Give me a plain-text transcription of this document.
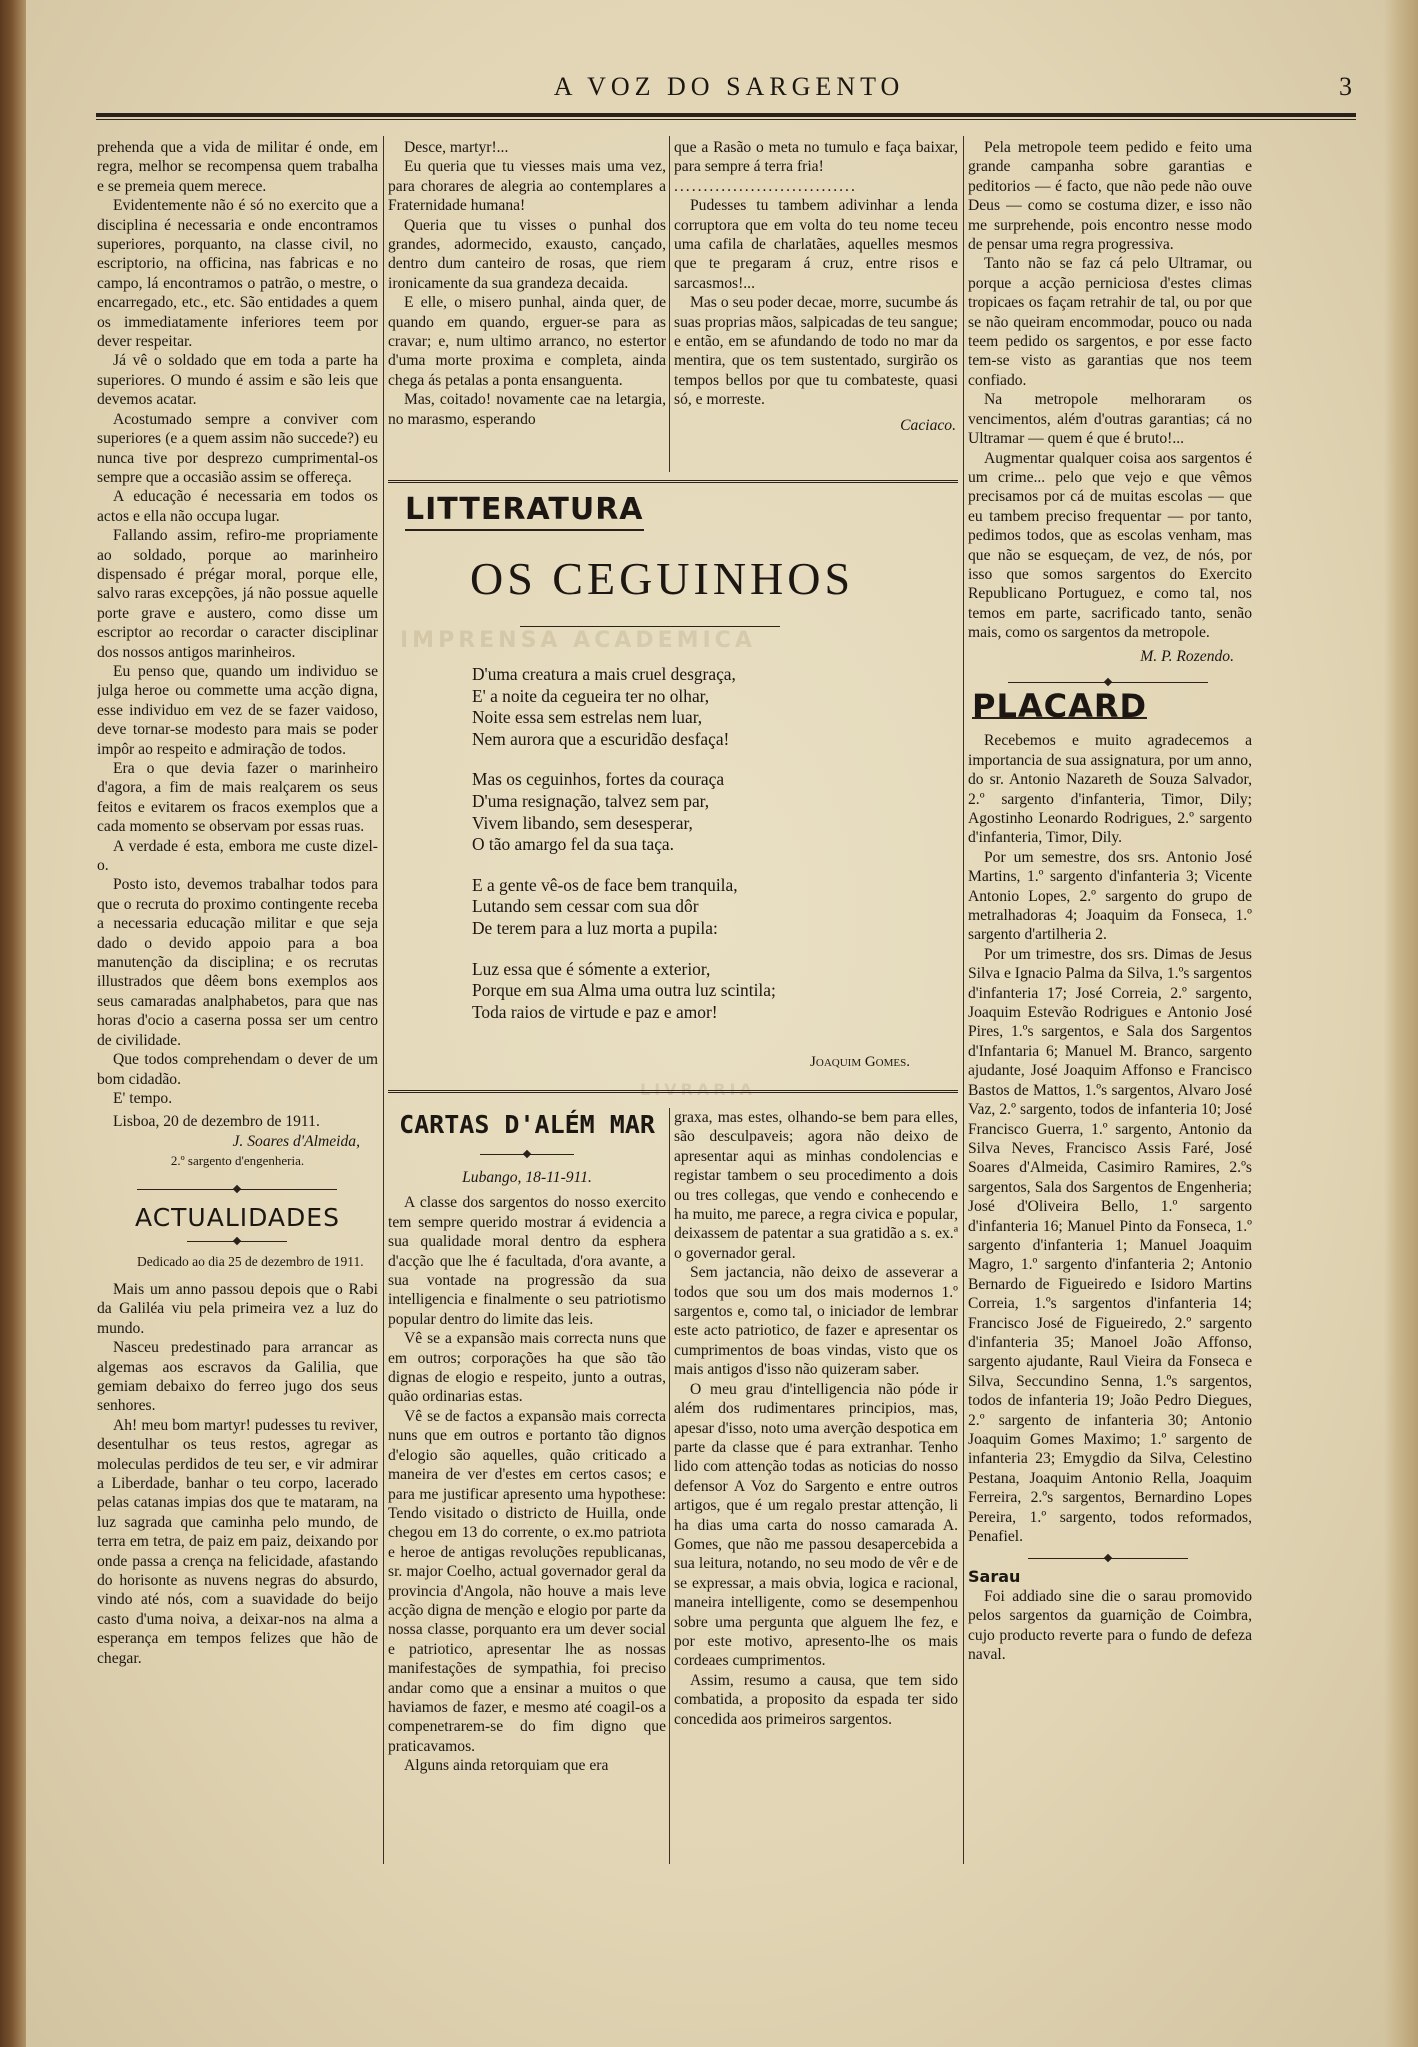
IMPRENSA ACADEMICA
LIVRARIA
A VOZ DO SARGENTO	3

prehenda que a vida de militar é onde, em regra, melhor se recompensa quem trabalha e se premeia quem merece.

Evidentemente não é só no exercito que a disciplina é necessaria e onde encontramos superiores, porquanto, na classe civil, no escriptorio, na officina, nas fabricas e no campo, lá encontramos o patrão, o mestre, o encarregado, etc., etc. São entidades a quem os immediatamente inferiores teem por dever respeitar.

Já vê o soldado que em toda a parte ha superiores. O mundo é assim e são leis que devemos acatar.

Acostumado sempre a conviver com superiores (e a quem assim não succede?) eu nunca tive por desprezo cumprimental-os sempre que a occasião assim se offereça.

A educação é necessaria em todos os actos e ella não occupa lugar.

Fallando assim, refiro-me propriamente ao soldado, porque ao marinheiro dispensado é prégar moral, porque elle, salvo raras excepções, já não possue aquelle porte grave e austero, como disse um escriptor ao recordar o caracter disciplinar dos nossos antigos marinheiros.

Eu penso que, quando um individuo se julga heroe ou commette uma acção digna, esse individuo em vez de se fazer vaidoso, deve tornar-se modesto para mais se poder impôr ao respeito e admiração de todos.

Era o que devia fazer o marinheiro d'agora, a fim de mais realçarem os seus feitos e evitarem os fracos exemplos que a cada momento se observam por essas ruas.

A verdade é esta, embora me custe dizel-o.

Posto isto, devemos trabalhar todos para que o recruta do proximo contingente receba a necessaria educação militar e que seja dado o devido appoio para a boa manutenção da disciplina; e os recrutas illustrados que dêem bons exemplos aos seus camaradas analphabetos, para que nas horas d'ocio a caserna possa ser um centro de civilidade.

Que todos comprehendam o dever de um bom cidadão.

E' tempo.

Lisboa, 20 de dezembro de 1911.

J. Soares d'Almeida,

2.º sargento d'engenheria.

ACTUALIDADES

Dedicado ao dia 25 de dezembro de 1911.

Mais um anno passou depois que o Rabi da Galiléa viu pela primeira vez a luz do mundo.

Nasceu predestinado para arrancar as algemas aos escravos da Galilia, que gemiam debaixo do ferreo jugo dos seus senhores.

Ah! meu bom martyr! pudesses tu reviver, desentulhar os teus restos, agregar as moleculas perdidos de teu ser, e vir admirar a Liberdade, banhar o teu corpo, lacerado pelas catanas impias dos que te mataram, na luz sagrada que caminha pelo mundo, de terra em tetra, de paiz em paiz, deixando por onde passa a crença na felicidade, afastando do horisonte as nuvens negras do absurdo, vindo até nós, com a suavidade do beijo casto d'uma noiva, a deixar-nos na alma a esperança em tempos felizes que hão de chegar.

Desce, martyr!...

Eu queria que tu viesses mais uma vez, para chorares de alegria ao contemplares a Fraternidade humana!

Queria que tu visses o punhal dos grandes, adormecido, exausto, cançado, dentro dum canteiro de rosas, que riem ironicamente da sua grandeza decaida.

E elle, o misero punhal, ainda quer, de quando em quando, erguer-se para as cravar; e, num ultimo arranco, no estertor d'uma morte proxima e completa, ainda chega ás petalas a ponta ensanguenta.

Mas, coitado! novamente cae na letargia, no marasmo, esperando

que a Rasão o meta no tumulo e faça baixar, para sempre á terra fria!

...............................

Pudesses tu tambem adivinhar a lenda corruptora que em volta do teu nome teceu uma cafila de charlatães, aquelles mesmos que te pregaram á cruz, entre risos e sarcasmos!...

Mas o seu poder decae, morre, sucumbe ás suas proprias mãos, salpicadas de teu sangue; e então, em se afundando de todo no mar da mentira, que os tem sustentado, surgirão os tempos bellos por que tu combateste, quasi só, e morreste.

Caciaco.

LITTERATURA
OS CEGUINHOS
D'uma creatura a mais cruel desgraça,
E' a noite da cegueira ter no olhar,
Noite essa sem estrelas nem luar,
Nem aurora que a escuridão desfaça!
Mas os ceguinhos, fortes da couraça
D'uma resignação, talvez sem par,
Vivem libando, sem desesperar,
O tão amargo fel da sua taça.
E a gente vê-os de face bem tranquila,
Lutando sem cessar com sua dôr
De terem para a luz morta a pupila:
Luz essa que é sómente a exterior,
Porque em sua Alma uma outra luz scintila;
Toda raios de virtude e paz e amor!
Joaquim Gomes.
CARTAS D'ALÉM MAR

Lubango, 18-11-911.

A classe dos sargentos do nosso exercito tem sempre querido mostrar á evidencia a sua qualidade moral dentro da esphera d'acção que lhe é facultada, d'ora avante, a sua vontade na progressão da sua intelligencia e finalmente o seu patriotismo popular dentro do limite das leis.

Vê se a expansão mais correcta nuns que em outros; corporações ha que são tão dignas de elogio e respeito, junto a outras, quão ordinarias estas.

Vê se de factos a expansão mais correcta nuns que em outros e portanto tão dignos d'elogio são aquelles, quão criticado a maneira de ver d'estes em certos casos; e para me justificar apresento uma hypothese: Tendo visitado o districto de Huilla, onde chegou em 13 do corrente, o ex.mo patriota e heroe de antigas revoluções republicanas, sr. major Coelho, actual governador geral da provincia d'Angola, não houve a mais leve acção digna de menção e elogio por parte da nossa classe, porquanto era um dever social e patriotico, apresentar lhe as nossas manifestações de sympathia, foi preciso andar como que a ensinar a muitos o que haviamos de fazer, e mesmo até coagil-os a compenetrarem-se do fim digno que praticavamos.

Alguns ainda retorquiam que era

graxa, mas estes, olhando-se bem para elles, são desculpaveis; agora não deixo de apresentar aqui as minhas condolencias e registar tambem o seu procedimento a dois ou tres collegas, que vendo e conhecendo e ha muito, me parece, a regra civica e popular, deixassem de patentar a sua gratidão a s. ex.ª o governador geral.

Sem jactancia, não deixo de asseverar a todos que sou um dos mais modernos 1.º sargentos e, como tal, o iniciador de lembrar este acto patriotico, de fazer e apresentar os cumprimentos de boas vindas, visto que os mais antigos d'isso não quizeram saber.

O meu grau d'intelligencia não póde ir além dos rudimentares principios, mas, apesar d'isso, noto uma averção despotica em parte da classe que é para extranhar. Tenho lido com attenção todas as noticias do nosso defensor A Voz do Sargento e entre outros artigos, que é um regalo prestar attenção, li ha dias uma carta do nosso camarada A. Gomes, que não me passou desapercebida a sua leitura, notando, no seu modo de vêr e de se expressar, a mais obvia, logica e racional, maneira intelligente, como se desempenhou sobre uma pergunta que alguem lhe fez, e por este motivo, apresento-lhe os mais cordeaes cumprimentos.

Assim, resumo a causa, que tem sido combatida, a proposito da espada ter sido concedida aos primeiros sargentos.

Pela metropole teem pedido e feito uma grande campanha sobre garantias e peditorios — é facto, que não pede não ouve Deus — como se costuma dizer, e isso não me surprehende, pois encontro nesse modo de pensar uma regra progressiva.

Tanto não se faz cá pelo Ultramar, ou porque a acção perniciosa d'estes climas tropicaes os façam retrahir de tal, ou por que se não queiram encommodar, pouco ou nada teem pedido os sargentos, e por esse facto tem-se visto as garantias que nos teem confiado.

Na metropole melhoraram os vencimentos, além d'outras garantias; cá no Ultramar — quem é que é bruto!...

Augmentar qualquer coisa aos sargentos é um crime... pelo que vejo e que vêmos precisamos por cá de muitas escolas — que eu tambem preciso frequentar — por tanto, pedimos todos, que as escolas venham, mas que não se esqueçam, de vez, de nós, por isso que somos sargentos do Exercito Republicano Portuguez, e como tal, nos temos em parte, sacrificado tanto, senão mais, como os sargentos da metropole.

M. P. Rozendo.

PLACARD

Recebemos e muito agradecemos a importancia de sua assignatura, por um anno, do sr. Antonio Nazareth de Souza Salvador, 2.º sargento d'infanteria, Timor, Dily; Agostinho Leonardo Rodrigues, 2.º sargento d'infanteria, Timor, Dily.

Por um semestre, dos srs. Antonio José Martins, 1.º sargento d'infanteria 3; Vicente Antonio Lopes, 2.º sargento do grupo de metralhadoras 4; Joaquim da Fonseca, 1.º sargento d'artilheria 2.

Por um trimestre, dos srs. Dimas de Jesus Silva e Ignacio Palma da Silva, 1.ºs sargentos d'infanteria 17; José Correia, 2.º sargento, Joaquim Estevão Rodrigues e Antonio José Pires, 1.ºs sargentos, e Sala dos Sargentos d'Infantaria 6; Manuel M. Branco, sargento ajudante, José Joaquim Affonso e Francisco Bastos de Mattos, 1.ºs sargentos, Alvaro José Vaz, 2.º sargento, todos de infanteria 10; José Francisco Guerra, 1.º sargento, Antonio da Silva Neves, Francisco Assis Faré, José Soares d'Almeida, Casimiro Ramires, 2.ºs sargentos, Sala dos Sargentos de Engenheria; José d'Oliveira Bello, 1.º sargento d'infanteria 16; Manuel Pinto da Fonseca, 1.º sargento d'infanteria 1; Manuel Joaquim Magro, 1.º sargento d'infanteria 2; Antonio Bernardo de Figueiredo e Isidoro Martins Correia, 1.ºs sargentos d'infanteria 14; Francisco José de Figueiredo, 2.º sargento d'infanteria 35; Manoel João Affonso, sargento ajudante, Raul Vieira da Fonseca e Silva, Seccundino Senna, 1.ºs sargentos, todos de infanteria 19; João Pedro Diegues, 2.º sargento de infanteria 30; Antonio Joaquim Gomes Maximo; 1.º sargento de infanteria 23; Emygdio da Silva, Celestino Pestana, Joaquim Antonio Rella, Joaquim Ferreira, 2.ºs sargentos, Bernardino Lopes Pereira, 1.º sargento, todos reformados, Penafiel.

Sarau

Foi addiado sine die o sarau promovido pelos sargentos da guarnição de Coimbra, cujo producto reverte para o fundo de defeza naval.
